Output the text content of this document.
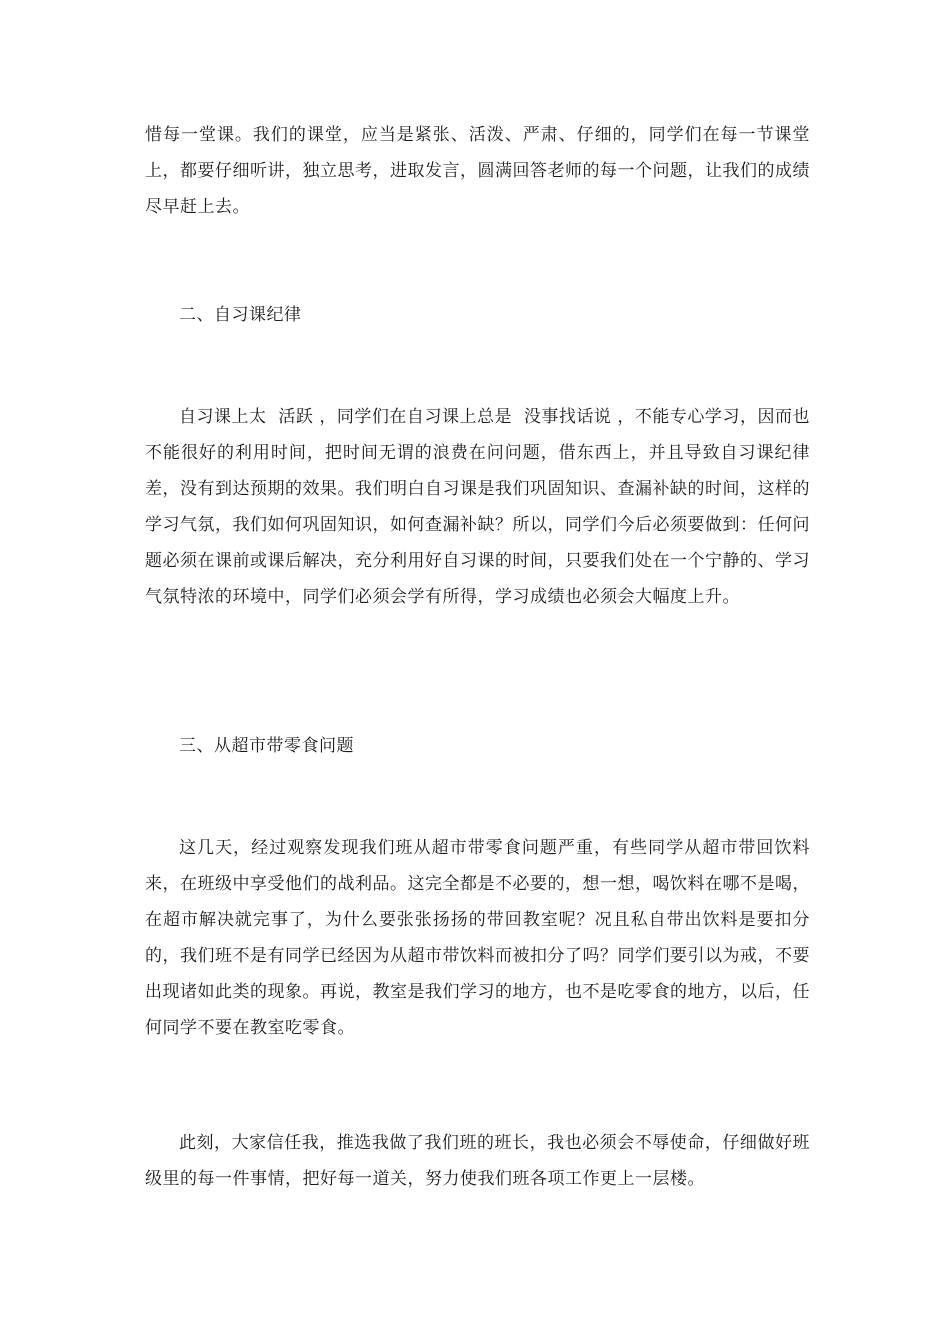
惜每一堂课。我们的课堂，应当是紧张、活泼、严肃、仔细的，同学们在每一节课堂上，都要仔细听讲，独立思考，进取发言，圆满回答老师的每一个问题，让我们的成绩尽早赶上去。

二、自习课纪律

自习课上太  活跃 ，同学们在自习课上总是  没事找话说 ，不能专心学习，因而也不能很好的利用时间，把时间无谓的浪费在问问题，借东西上，并且导致自习课纪律差，没有到达预期的效果。我们明白自习课是我们巩固知识、查漏补缺的时间，这样的学习气氛，我们如何巩固知识，如何查漏补缺？所以，同学们今后必须要做到：任何问题必须在课前或课后解决，充分利用好自习课的时间，只要我们处在一个宁静的、学习气氛特浓的环境中，同学们必须会学有所得，学习成绩也必须会大幅度上升。

三、从超市带零食问题

这几天，经过观察发现我们班从超市带零食问题严重，有些同学从超市带回饮料来，在班级中享受他们的战利品。这完全都是不必要的，想一想，喝饮料在哪不是喝，在超市解决就完事了，为什么要张张扬扬的带回教室呢？况且私自带出饮料是要扣分的，我们班不是有同学已经因为从超市带饮料而被扣分了吗？同学们要引以为戒，不要出现诸如此类的现象。再说，教室是我们学习的地方，也不是吃零食的地方，以后，任何同学不要在教室吃零食。

此刻，大家信任我，推选我做了我们班的班长，我也必须会不辱使命，仔细做好班级里的每一件事情，把好每一道关，努力使我们班各项工作更上一层楼。
